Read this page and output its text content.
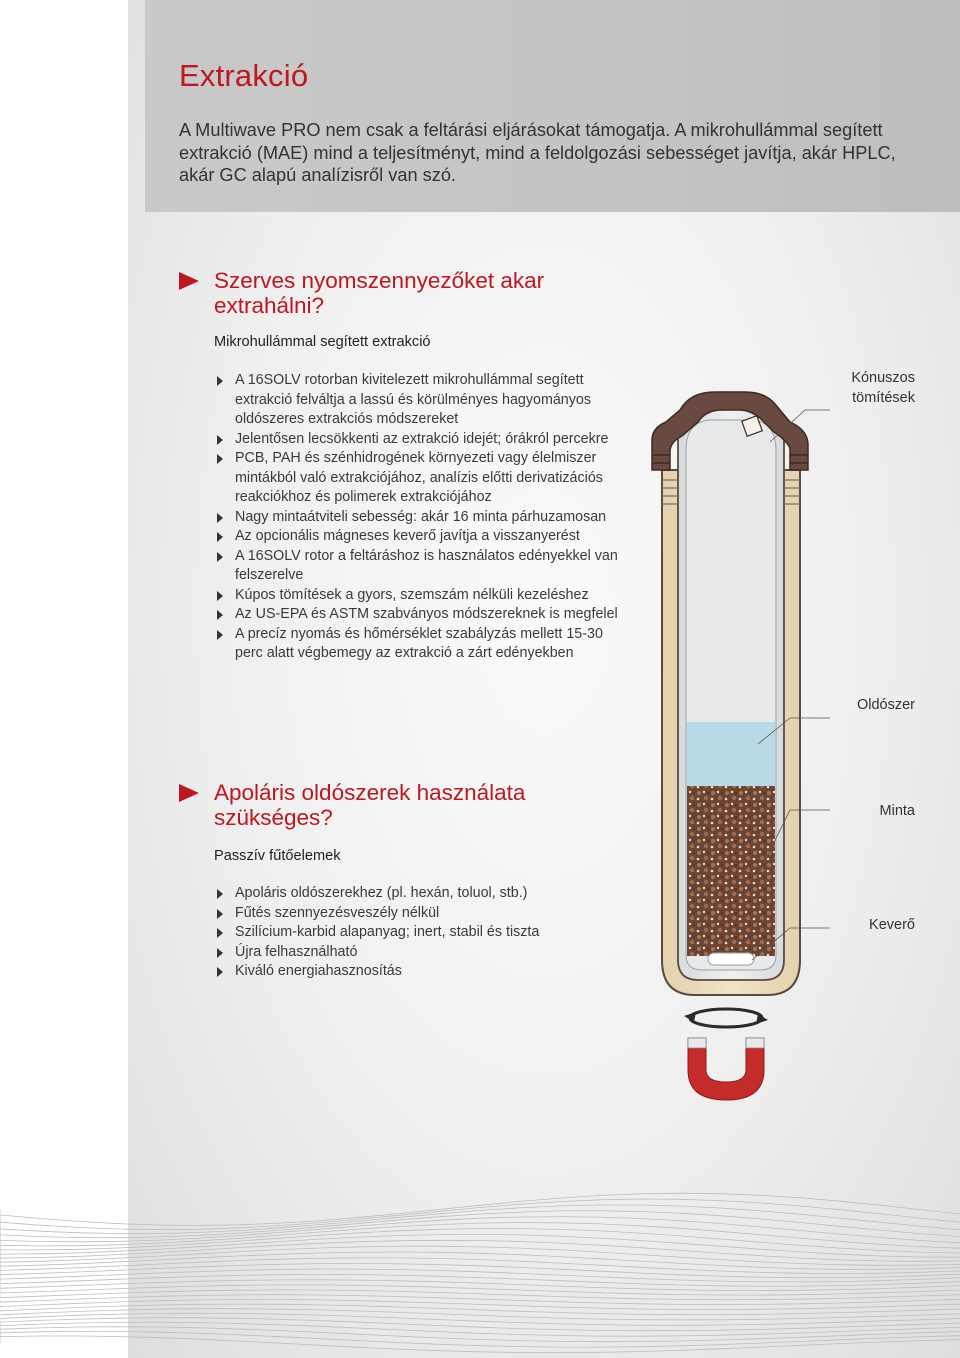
Extrakció

A Multiwave PRO nem csak a feltárási eljárásokat támogatja. A mikrohullámmal segített extrakció (MAE) mind a teljesítményt, mind a feldolgozási sebességet javítja, akár HPLC, akár GC alapú analízisről van szó.

Szerves nyomszennyezőket akar extrahálni?
Mikrohullámmal segített extrakció
A 16SOLV rotorban kivitelezett mikrohullámmal segített extrakció felváltja a lassú és körülményes hagyományos oldószeres extrakciós módszereket
Jelentősen lecsökkenti az extrakció idejét; órákról percekre
PCB, PAH és szénhidrogének környezeti vagy élelmiszer mintákból való extrakciójához, analízis előtti derivatizációs reakciókhoz és polimerek extrakciójához
Nagy mintaátviteli sebesség: akár 16 minta párhuzamosan
Az opcionális mágneses keverő javítja a visszanyerést
A 16SOLV rotor a feltáráshoz is használatos edényekkel van felszerelve
Kúpos tömítések a gyors, szemszám nélküli kezeléshez
Az US-EPA és ASTM szabványos módszereknek is megfelel
A precíz nyomás és hőmérséklet szabályzás mellett 15-30 perc alatt végbemegy az extrakció a zárt edényekben
Apoláris oldószerek használata szükséges?
Passzív fűtőelemek
Apoláris oldószerekhez (pl. hexán, toluol, stb.)
Fűtés szennyezésveszély nélkül
Szilícium-karbid alapanyag; inert, stabil és tiszta
Újra felhasználható
Kiváló energiahasznosítás
Kónuszos tömítések
Oldószer
Minta
Keverő
